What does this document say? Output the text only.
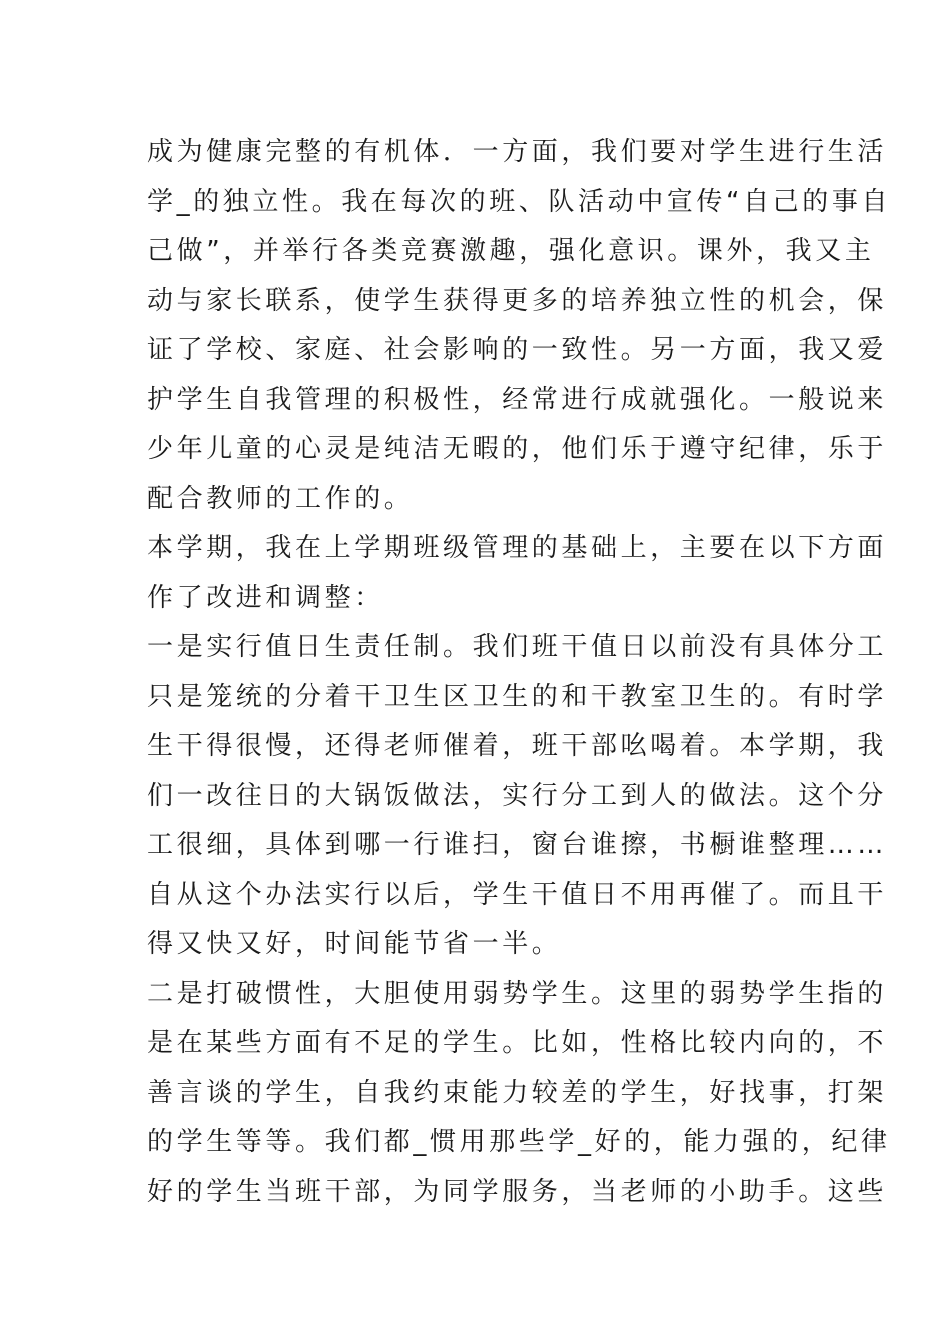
成为健康完整的有机体．一方面，我们要对学生进行生活
学_的独立性。我在每次的班、队活动中宣传“自己的事自
己做”，并举行各类竞赛激趣，强化意识。课外，我又主
动与家长联系，使学生获得更多的培养独立性的机会，保
证了学校、家庭、社会影响的一致性。另一方面，我又爱
护学生自我管理的积极性，经常进行成就强化。一般说来
少年儿童的心灵是纯洁无暇的，他们乐于遵守纪律，乐于
配合教师的工作的。
本学期，我在上学期班级管理的基础上，主要在以下方面
作了改进和调整：
一是实行值日生责任制。我们班干值日以前没有具体分工
只是笼统的分着干卫生区卫生的和干教室卫生的。有时学
生干得很慢，还得老师催着，班干部吆喝着。本学期，我
们一改往日的大锅饭做法，实行分工到人的做法。这个分
工很细，具体到哪一行谁扫，窗台谁擦，书橱谁整理……
自从这个办法实行以后，学生干值日不用再催了。而且干
得又快又好，时间能节省一半。
二是打破惯性，大胆使用弱势学生。这里的弱势学生指的
是在某些方面有不足的学生。比如，性格比较内向的，不
善言谈的学生，自我约束能力较差的学生，好找事，打架
的学生等等。我们都_惯用那些学_好的，能力强的，纪律
好的学生当班干部，为同学服务，当老师的小助手。这些
